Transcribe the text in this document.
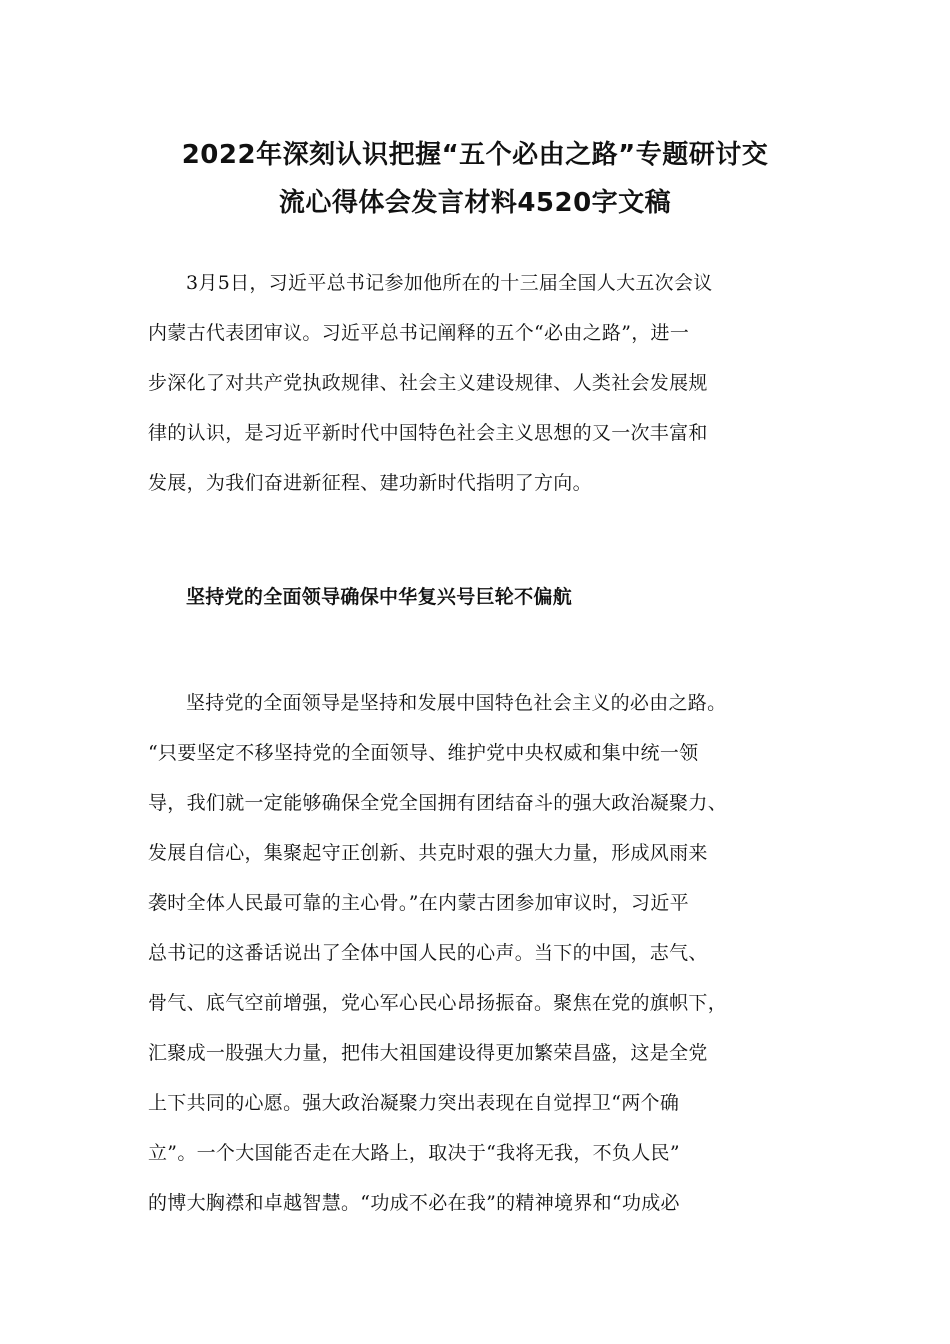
2022年深刻认识把握“五个必由之路”专题研讨交
流心得体会发言材料4520字文稿
3月5日，习近平总书记参加他所在的十三届全国人大五次会议
内蒙古代表团审议。习近平总书记阐释的五个“必由之路”，进一
步深化了对共产党执政规律、社会主义建设规律、人类社会发展规
律的认识，是习近平新时代中国特色社会主义思想的又一次丰富和
发展，为我们奋进新征程、建功新时代指明了方向。
坚持党的全面领导确保中华复兴号巨轮不偏航
坚持党的全面领导是坚持和发展中国特色社会主义的必由之路。
“只要坚定不移坚持党的全面领导、维护党中央权威和集中统一领
导，我们就一定能够确保全党全国拥有团结奋斗的强大政治凝聚力、
发展自信心，集聚起守正创新、共克时艰的强大力量，形成风雨来
袭时全体人民最可靠的主心骨。”在内蒙古团参加审议时，习近平
总书记的这番话说出了全体中国人民的心声。当下的中国，志气、
骨气、底气空前增强，党心军心民心昂扬振奋。聚焦在党的旗帜下，
汇聚成一股强大力量，把伟大祖国建设得更加繁荣昌盛，这是全党
上下共同的心愿。强大政治凝聚力突出表现在自觉捍卫“两个确
立”。一个大国能否走在大路上，取决于“我将无我，不负人民”
的博大胸襟和卓越智慧。“功成不必在我”的精神境界和“功成必
